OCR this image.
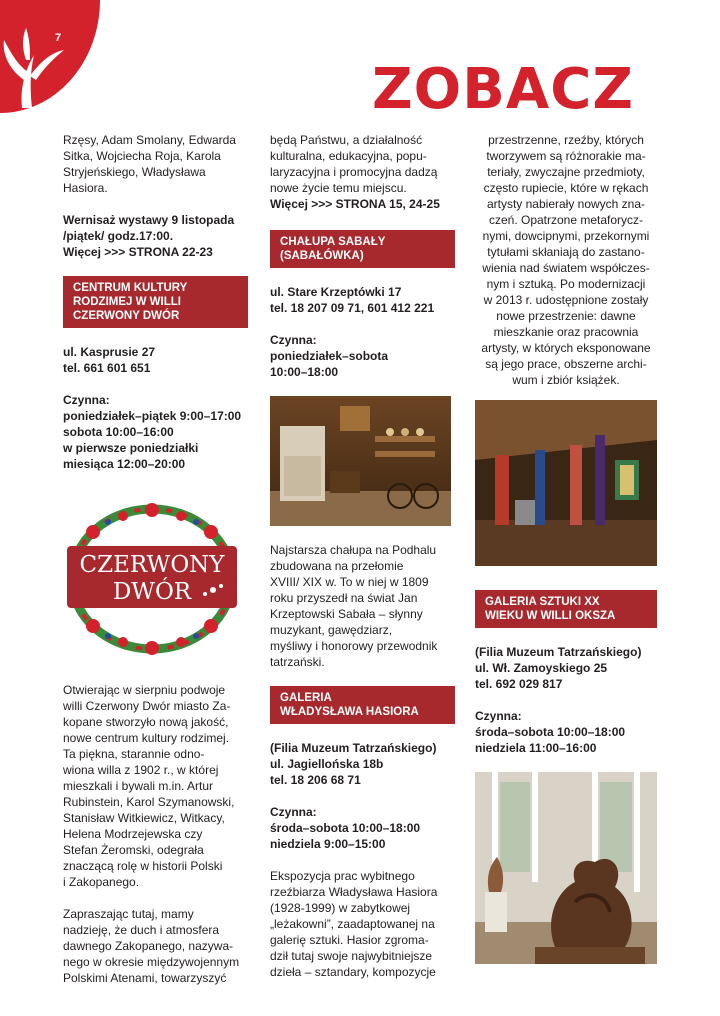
7
ZOBACZ

Rzęsy, Adam Smolany, Edwarda
Sitka, Wojciecha Roja, Karola
Stryjeńskiego, Władysława
Hasiora.

Wernisaż wystawy 9 listopada
/piątek/ godz.17:00.
Więcej >>> STRONA 22-23

CENTRUM KULTURY
RODZIMEJ W WILLI
CZERWONY DWÓR

ul. Kasprusie 27
tel. 661 601 651

Czynna:
poniedziałek–piątek 9:00–17:00
sobota 10:00–16:00
w pierwsze poniedziałki
miesiąca 12:00–20:00

CZERWONY
DWÓR

Otwierając w sierpniu podwoje
willi Czerwony Dwór miasto Za-
kopane stworzyło nową jakość,
nowe centrum kultury rodzimej.
Ta piękna, starannie odno-
wiona willa z 1902 r., w której
mieszkali i bywali m.in. Artur
Rubinstein, Karol Szymanowski,
Stanisław Witkiewicz, Witkacy,
Helena Modrzejewska czy
Stefan Żeromski, odegrała
znaczącą rolę w historii Polski
i Zakopanego.

Zapraszając tutaj, mamy
nadzieję, że duch i atmosfera
dawnego Zakopanego, nazywa-
nego w okresie międzywojennym
Polskimi Atenami, towarzyszyć

będą Państwu, a działalność
kulturalna, edukacyjna, popu-
laryzacyjna i promocyjna dadzą
nowe życie temu miejscu.

Więcej >>> STRONA 15, 24-25

CHAŁUPA SABAŁY
(SABAŁÓWKA)

ul. Stare Krzeptówki 17
tel. 18 207 09 71, 601 412 221

Czynna:
poniedziałek–sobota
10:00–18:00

Najstarsza chałupa na Podhalu
zbudowana na przełomie
XVIII/ XIX w. To w niej w 1809
roku przyszedł na świat Jan
Krzeptowski Sabała – słynny
muzykant, gawędziarz,
myśliwy i honorowy przewodnik
tatrzański.

GALERIA
WŁADYSŁAWA HASIORA

(Filia Muzeum Tatrzańskiego)
ul. Jagiellońska 18b
tel. 18 206 68 71

Czynna:
środa–sobota 10:00–18:00
niedziela 9:00–15:00

Ekspozycja prac wybitnego
rzeźbiarza Władysława Hasiora
(1928-1999) w zabytkowej
„leżakowni”, zaadaptowanej na
galerię sztuki. Hasior zgroma-
dził tutaj swoje najwybitniejsze
dzieła – sztandary, kompozycje

przestrzenne, rzeźby, których
tworzywem są różnorakie ma-
teriały, zwyczajne przedmioty,
często rupiecie, które w rękach
artysty nabierały nowych zna-
czeń. Opatrzone metaforycz-
nymi, dowcipnymi, przekornymi
tytułami skłaniają do zastano-
wienia nad światem współczes-
nym i sztuką. Po modernizacji
w 2013 r. udostępnione zostały
nowe przestrzenie: dawne
mieszkanie oraz pracownia
artysty, w których eksponowane
są jego prace, obszerne archi-
wum i zbiór książek.

GALERIA SZTUKI XX
WIEKU W WILLI OKSZA

(Filia Muzeum Tatrzańskiego)
ul. Wł. Zamoyskiego 25
tel. 692 029 817

Czynna:
środa–sobota 10:00–18:00
niedziela 11:00–16:00
